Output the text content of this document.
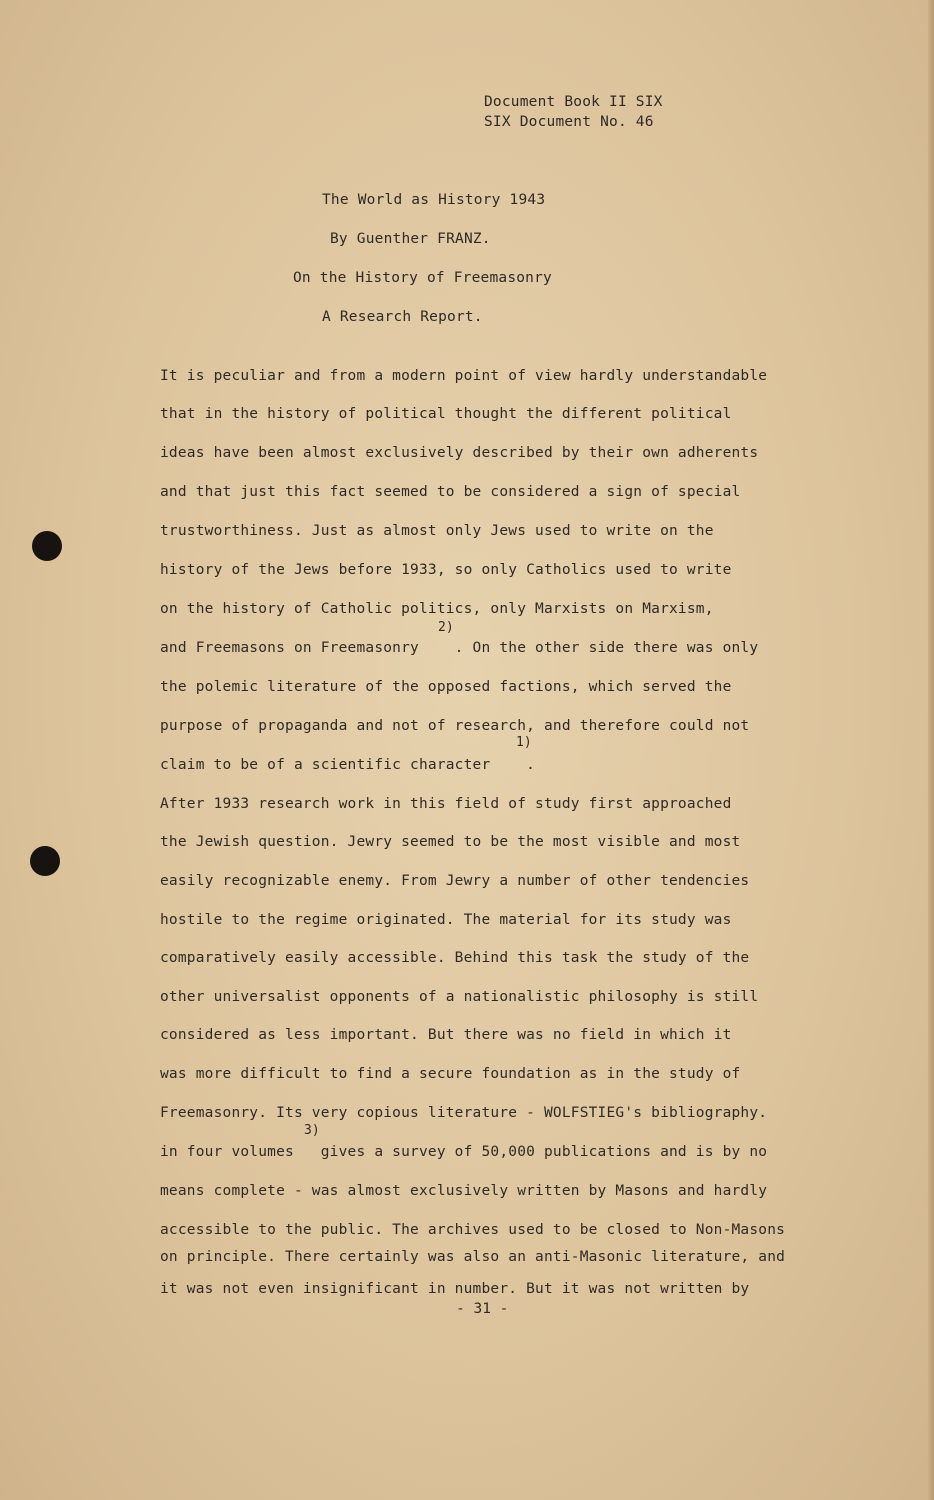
Document Book II SIX
SIX Document No. 46
The World as History 1943
By Guenther FRANZ.
On the History of Freemasonry
A Research Report.
It is peculiar and from a modern point of view hardly understandable
that in the history of political thought the different political
ideas have been almost exclusively described by their own adherents
and that just this fact seemed to be considered a sign of special
trustworthiness. Just as almost only Jews used to write on the
history of the Jews before 1933, so only Catholics used to write
on the history of Catholic politics, only Marxists on Marxism,
2)
and Freemasons on Freemasonry    . On the other side there was only
the polemic literature of the opposed factions, which served the
purpose of propaganda and not of research, and therefore could not
1)
claim to be of a scientific character    .
After 1933 research work in this field of study first approached
the Jewish question. Jewry seemed to be the most visible and most
easily recognizable enemy. From Jewry a number of other tendencies
hostile to the regime originated. The material for its study was
comparatively easily accessible. Behind this task the study of the
other universalist opponents of a nationalistic philosophy is still
considered as less important. But there was no field in which it
was more difficult to find a secure foundation as in the study of
Freemasonry. Its very copious literature - WOLFSTIEG's bibliography.
3)
in four volumes   gives a survey of 50,000 publications and is by no
means complete - was almost exclusively written by Masons and hardly
accessible to the public. The archives used to be closed to Non-Masons
on principle. There certainly was also an anti-Masonic literature, and
it was not even insignificant in number. But it was not written by
- 31 -
